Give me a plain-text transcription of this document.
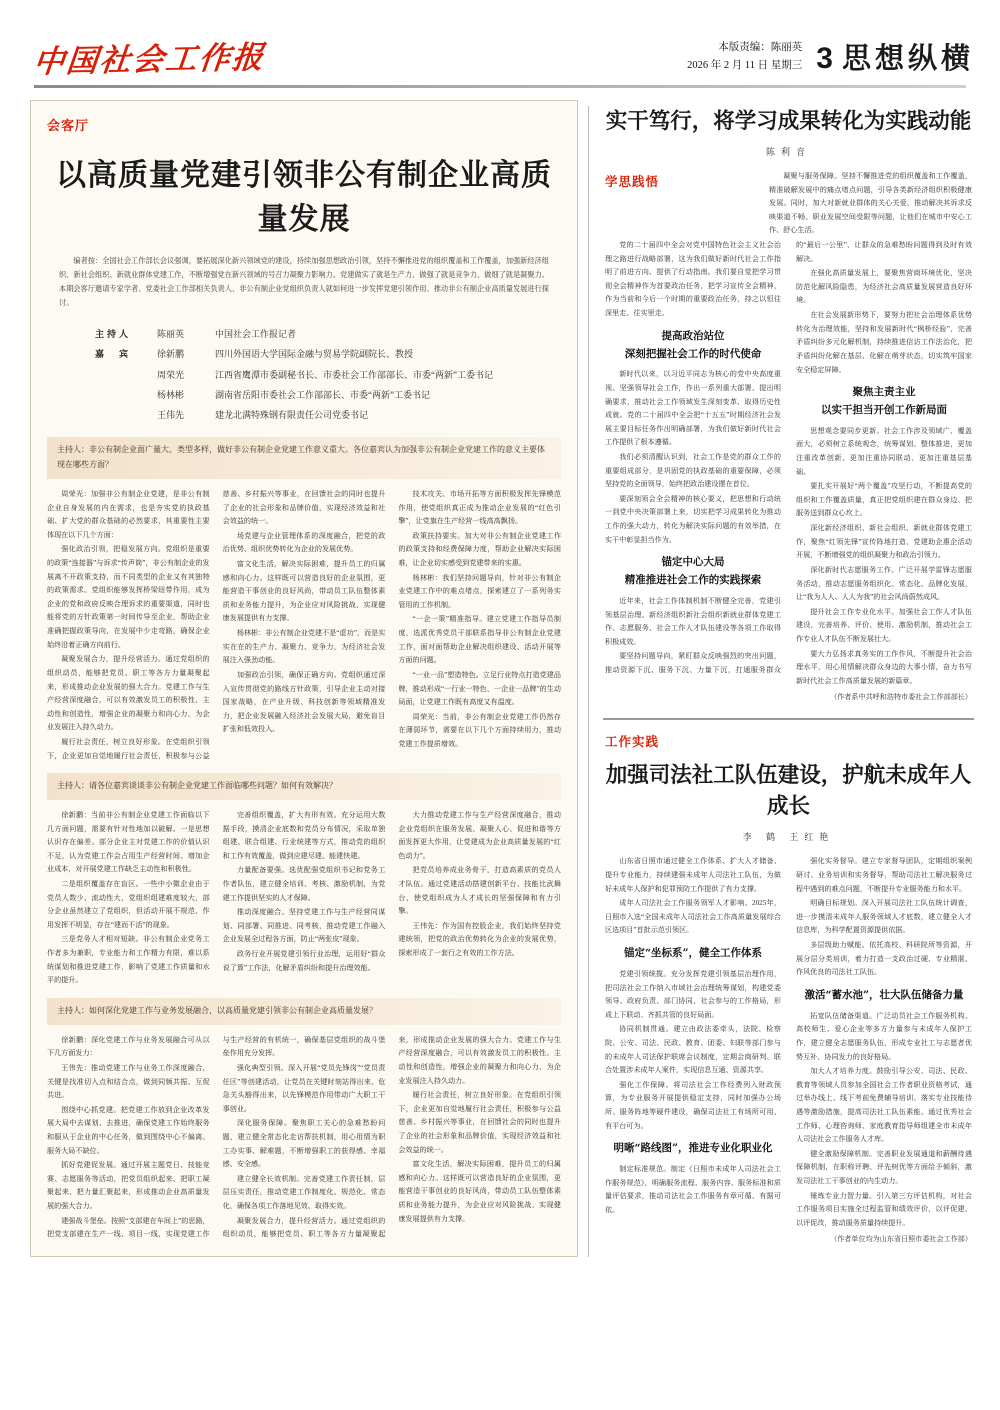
中国社会工作报	本版责编：陈丽英
2026 年 2 月 11 日 星期三 3 思想纵横
会客厅
以高质量党建引领非公有制企业高质量发展
编者按：全国社会工作部长会议强调，要拓展深化新兴领域党的建设，持续加强思想政治引领，坚持不懈推进党的组织覆盖和工作覆盖，加强新经济组织、新社会组织、新就业群体党建工作，不断增强党在新兴领域的号召力凝聚力影响力。党建做实了就是生产力、做强了就是竞争力、做细了就是凝聚力。本期会客厅邀请专家学者、党委社会工作部相关负责人、非公有制企业党组织负责人就如何进一步发挥党建引领作用、推动非公有制企业高质量发展进行探讨。
主持人	陈丽英	中国社会工作报记者
嘉　宾	徐新鹏	四川外国语大学国际金融与贸易学院副院长、教授
周荣光	江西省鹰潭市委副秘书长、市委社会工作部部长、市委“两新”工委书记
杨林彬	湖南省岳阳市委社会工作部部长、市委“两新”工委书记
王伟先	建龙北满特殊钢有限责任公司党委书记
主持人：非公有制企业面广量大、类型多样，做好非公有制企业党建工作意义重大。各位嘉宾认为加强非公有制企业党建工作的意义主要体现在哪些方面？

周荣光：加强非公有制企业党建，是非公有制企业自身发展的内在需求，也是夯实党的执政基础、扩大党的群众基础的必然要求，其重要性主要体现在以下几个方面：

强化政治引领，把稳发展方向。党组织是重要的政策“连接器”与诉求“传声筒”，非公有制企业的发展离不开政策支持，而不同类型的企业又有其独特的政策需求。党组织能够发挥桥梁纽带作用，成为企业的党和政府反映合理诉求的重要渠道，同时也能将党的方针政策第一时间传导至企业，帮助企业准确把握政策导向，在发展中少走弯路，确保企业始终沿着正确方向前行。

凝聚发展合力，提升经营活力。通过党组织的组织动员，能够把党员、职工等各方力量凝聚起来，形成推动企业发展的强大合力。党建工作与生产经营深度融合，可以有效激发员工的积极性、主动性和创造性，增强企业的凝聚力和向心力，为企业发展注入持久动力。

履行社会责任，树立良好形象。在党组织引领下，企业更加自觉地履行社会责任，积极参与公益慈善、乡村振兴等事业，在回馈社会的同时也提升了企业的社会形象和品牌价值，实现经济效益和社会效益的统一。

场党建与企业管理体系的深度融合，把党的政治优势、组织优势转化为企业的发展优势。

富文化生活，解决实际困难，提升员工的归属感和向心力。这样既可以营造良好的企业氛围，更能营造干事创业的良好风尚，带动员工队伍整体素质和业务能力提升，为企业应对风险挑战、实现健康发展提供有力支撑。

杨林彬：非公有制企业党建不是“虚功”，而是实实在在的生产力、凝聚力、竞争力，为经济社会发展注入强劲动能。

加强政治引领，确保正确方向。党组织通过深入宣传贯彻党的路线方针政策，引导企业主动对接国家战略，在产业升级、科技创新等领域精准发力，把企业发展融入经济社会发展大局，避免盲目扩张和低效投入。

技术攻关、市场开拓等方面积极发挥先锋模范作用，使党组织真正成为推动企业发展的“红色引擎”，让党旗在生产经营一线高高飘扬。

政策扶持要实。加大对非公有制企业党建工作的政策支持和经费保障力度，帮助企业解决实际困难，让企业切实感受到党建带来的实惠。

杨林彬：我们坚持问题导向，针对非公有制企业党建工作中的难点堵点，探索建立了一系列务实管用的工作机制。

“一企一策”精准指导。建立党建工作指导员制度，选派优秀党员干部联系指导非公有制企业党建工作，面对面帮助企业解决组织建设、活动开展等方面的问题。

“一业一品”塑造特色。立足行业特点打造党建品牌，推动形成“一行业一特色、一企业一品牌”的生动局面，让党建工作既有高度又有温度。

周荣光：当前，非公有制企业党建工作仍然存在薄弱环节，需要在以下几个方面持续用力，推动党建工作提质增效。

主持人：请各位嘉宾谈谈非公有制企业党建工作面临哪些问题？如何有效解决？

徐新鹏：当前非公有制企业党建工作面临以下几方面问题，需要有针对性地加以破解。一是思想认识存在偏差。部分企业主对党建工作的价值认识不足，认为党建工作会占用生产经营时间、增加企业成本，对开展党建工作缺乏主动性和积极性。

二是组织覆盖存在盲区。一些中小微企业由于党员人数少、流动性大，党组织组建难度较大，部分企业虽然建立了党组织，但活动开展不规范、作用发挥不明显，存在“建而不活”的现象。

三是党务人才相对短缺。非公有制企业党务工作者多为兼职，专业能力和工作精力有限，难以系统谋划和推进党建工作，影响了党建工作质量和水平的提升。

完善组织覆盖，扩大有形有效。充分运用大数据手段，摸清企业底数和党员分布情况，采取单独组建、联合组建、行业统建等方式，推动党的组织和工作有效覆盖，做到应建尽建、能建快建。

力量配备要强。选优配强党组织书记和党务工作者队伍，建立健全培训、考核、激励机制，为党建工作提供坚实的人才保障。

推动深度融合。坚持党建工作与生产经营同谋划、同部署、同推进、同考核，推动党建工作融入企业发展全过程各方面，防止“两张皮”现象。

政务行业开展党建引领行业治理，运用好“群众说了算”工作法，化解矛盾纠纷和提升治理效能。

大力推动党建工作与生产经营深度融合，推动企业党组织在服务发展、凝聚人心、促进和谐等方面发挥更大作用，让党建成为企业高质量发展的“红色动力”。

把党员培养成业务骨干，打造高素质的党员人才队伍。通过党建活动搭建创新平台、技能比武舞台，使党组织成为人才成长的坚强保障和有力引擎。

王伟先：作为国有控股企业，我们始终坚持党建统领，把党的政治优势转化为企业的发展优势，探索形成了一套行之有效的工作方法。

主持人：如何深化党建工作与业务发展融合，以高质量党建引领非公有制企业高质量发展？

徐新鹏：深化党建工作与业务发展融合可从以下几方面发力：

王伟先：推动党建工作与业务工作深度融合，关键是找准切入点和结合点，做到同频共振、互促共进。

围绕中心抓党建。把党建工作放到企业改革发展大局中去谋划、去推进，确保党建工作始终服务和服从于企业的中心任务，做到围绕中心不偏离、服务大局不缺位。

抓好党建促发展。通过开展主题党日、技能竞赛、志愿服务等活动，把党员组织起来、把职工凝聚起来、把力量汇聚起来，形成推动企业高质量发展的强大合力。

建强战斗堡垒。按照“支部建在车间上”的思路，把党支部建在生产一线、项目一线，实现党建工作与生产经营的有机统一，确保基层党组织的战斗堡垒作用充分发挥。

强化典型引领。深入开展“党员先锋岗”“党员责任区”等创建活动，让党员在关键时刻站得出来、危急关头豁得出来，以先锋模范作用带动广大职工干事创业。

深化服务保障。聚焦职工关心的急难愁盼问题，建立健全常态化走访帮扶机制，用心用情为职工办实事、解难题，不断增强职工的获得感、幸福感、安全感。

建立健全长效机制。完善党建工作责任制，层层压实责任，推动党建工作制度化、规范化、常态化，确保各项工作落地见效、取得实效。

凝聚发展合力，提升经营活力。通过党组织的组织动员，能够把党员、职工等各方力量凝聚起来，形成推动企业发展的强大合力。党建工作与生产经营深度融合，可以有效激发员工的积极性、主动性和创造性，增强企业的凝聚力和向心力，为企业发展注入持久动力。

履行社会责任，树立良好形象。在党组织引领下，企业更加自觉地履行社会责任，积极参与公益慈善、乡村振兴等事业，在回馈社会的同时也提升了企业的社会形象和品牌价值，实现经济效益和社会效益的统一。

富文化生活，解决实际困难，提升员工的归属感和向心力。这样既可以营造良好的企业氛围，更能营造干事创业的良好风尚，带动员工队伍整体素质和业务能力提升，为企业应对风险挑战、实现健康发展提供有力支撑。

实干笃行，将学习成果转化为实践动能
陈利音
学思践悟	凝聚与服务保障。坚持不懈推进党的组织覆盖和工作覆盖，精准破解发展中的痛点堵点问题，引导各类新经济组织积极健康发展。同时，加大对新就业群体的关心关爱，推动解决其诉求反映渠道不畅、职业发展空间受限等问题，让他们在城市中安心工作、舒心生活。

党的二十届四中全会对党中国特色社会主义社会治理之路进行战略部署，这为我们做好新时代社会工作指明了前进方向、提供了行动指南。我们要自觉把学习贯彻全会精神作为首要政治任务，把学习宣传全会精神，作为当前和今后一个时期的重要政治任务，持之以恒往深里走、往实里走。

提高政治站位
深刻把握社会工作的时代使命

新时代以来，以习近平同志为核心的党中央高度重视、坚强领导社会工作，作出一系列重大部署、提出明确要求，推动社会工作领域发生深刻变革、取得历史性成就。党的二十届四中全会把“十五五”时期经济社会发展主要目标任务作出明确部署，为我们做好新时代社会工作提供了根本遵循。

我们必须清醒认识到，社会工作是党的群众工作的重要组成部分，是巩固党的执政基础的重要保障，必须坚持党的全面领导，始终把政治建设摆在首位。

要深刻领会全会精神的核心要义，把思想和行动统一到党中央决策部署上来，切实把学习成果转化为推动工作的强大动力，转化为解决实际问题的有效举措，在实干中彰显担当作为。

锚定中心大局
精准推进社会工作的实践探索

近年来，社会工作体制机制不断健全完善，党建引领基层治理、新经济组织新社会组织新就业群体党建工作、志愿服务、社会工作人才队伍建设等各项工作取得积极成效。

要坚持问题导向，紧盯群众反映强烈的突出问题，推动资源下沉、服务下沉、力量下沉，打通服务群众的“最后一公里”，让群众的急难愁盼问题得到及时有效解决。

在强化高质量发展上，要聚焦营商环境优化，坚决防范化解风险隐患，为经济社会高质量发展营造良好环境。

在社会发展新形势下，要努力把社会治理体系优势转化为治理效能，坚持和发展新时代“枫桥经验”，完善矛盾纠纷多元化解机制，持续推进信访工作法治化，把矛盾纠纷化解在基层、化解在萌芽状态，切实筑牢国家安全稳定屏障。

聚焦主责主业
以实干担当开创工作新局面

思想观念要同步更新。社会工作涉及领域广、覆盖面大，必须树立系统观念，统筹谋划、整体推进，更加注重改革创新、更加注重协同联动、更加注重基层基础。

要扎实开展好“两个覆盖”攻坚行动，不断提高党的组织和工作覆盖质量，真正把党组织建在群众身边、把服务送到群众心坎上。

深化新经济组织、新社会组织、新就业群体党建工作，聚焦“红领先锋”宣传阵地打造、党建助企惠企活动开展，不断增强党的组织凝聚力和政治引领力。

深化新时代志愿服务工作。广泛开展学雷锋志愿服务活动，推动志愿服务组织化、常态化、品牌化发展，让“我为人人、人人为我”的社会风尚蔚然成风。

提升社会工作专业化水平。加强社会工作人才队伍建设，完善培养、评价、使用、激励机制，推动社会工作专业人才队伍不断发展壮大。

要大力弘扬求真务实的工作作风，不断提升社会治理水平，用心用情解决群众身边的大事小情，奋力书写新时代社会工作高质量发展的新篇章。

（作者系中共呼和浩特市委社会工作部部长）

工作实践
加强司法社工队伍建设，护航未成年人成长
李 鹤 王红艳

山东省日照市通过健全工作体系、扩大人才储备、提升专业能力，持续建强未成年人司法社工队伍，为做好未成年人保护和犯罪预防工作提供了有力支撑。

成年人司法社会工作服务领军人才影响。2025年，日照市入选“全国未成年人司法社会工作高质量发展综合区选项目”首批示范引领区。

锚定“坐标系”，健全工作体系

党建引领统揽。充分发挥党建引领基层治理作用，把司法社会工作纳入市域社会治理统筹谋划，构建党委领导、政府负责、部门协同、社会参与的工作格局，形成上下联动、齐抓共管的良好局面。

协同机制贯通。建立由政法委牵头，法院、检察院、公安、司法、民政、教育、团委、妇联等部门参与的未成年人司法保护联席会议制度，定期会商研判、联合处置涉未成年人案件，实现信息互通、资源共享。

强化工作保障。将司法社会工作经费列入财政预算，为专业服务开展提供稳定支持，同时加强办公场所、服务阵地等硬件建设，确保司法社工有场所可用、有平台可为。

明晰“路线图”，推进专业化职业化

制定标准规范。制定《日照市未成年人司法社会工作服务规范》，明确服务流程、服务内容、服务标准和质量评估要求，推动司法社会工作服务有章可循、有据可依。

强化实务督导。建立专家督导团队，定期组织案例研讨、业务培训和实务督导，帮助司法社工解决服务过程中遇到的难点问题，不断提升专业服务能力和水平。

明确目标规划。深入开展司法社工队伍统计调查，进一步摸清未成年人服务领域人才底数，建立健全人才信息库，为科学配置资源提供依据。

多层级助力赋能。依托高校、科研院所等资源，开展分层分类培训，着力打造一支政治过硬、专业精湛、作风优良的司法社工队伍。

激活“蓄水池”，壮大队伍储备力量

拓宽队伍储备渠道。广泛动员社会工作服务机构、高校师生、爱心企业等多方力量参与未成年人保护工作，建立健全志愿服务队伍，形成专业社工与志愿者优势互补、协同发力的良好格局。

加大人才培养力度。鼓励引导公安、司法、民政、教育等领域人员参加全国社会工作者职业资格考试，通过举办线上、线下考前免费辅导培训、落实专业技能待遇等激励措施，提高司法社工队伍素能。通过优秀社会工作师、心理咨询师、家庭教育指导师组建全市未成年人司法社会工作服务人才库。

健全激励保障机制。完善职业发展通道和薪酬待遇保障机制，在职称评聘、评先树优等方面给予倾斜，激发司法社工干事创业的内生动力。

锤炼专业力智力量。引入第三方评估机构，对社会工作服务项目实施全过程监管和绩效评价，以评促建、以评促改，推动服务质量持续提升。

（作者单位均为山东省日照市委社会工作部）
